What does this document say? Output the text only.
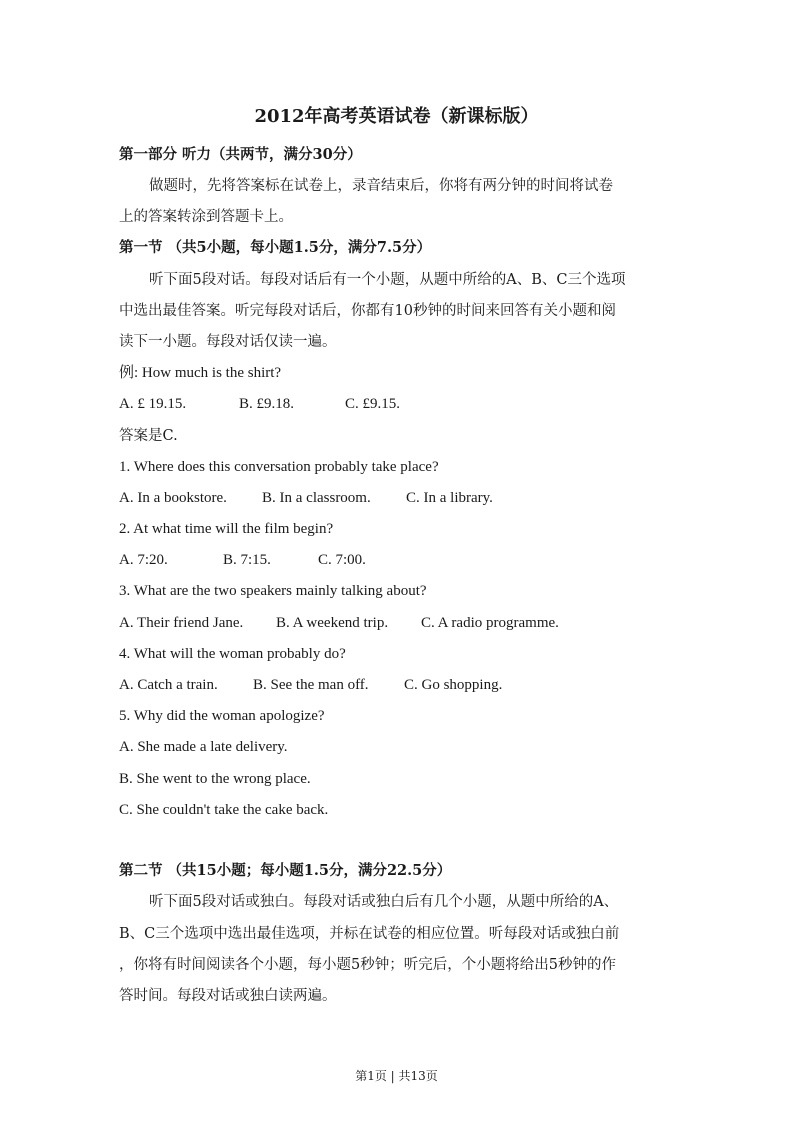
2012年高考英语试卷（新课标版）
第一部分 听力（共两节，满分30分）
做题时，先将答案标在试卷上，录音结束后，你将有两分钟的时间将试卷
上的答案转涂到答题卡上。
第一节 （共5小题，每小题1.5分，满分7.5分）
听下面5段对话。每段对话后有一个小题，从题中所给的A、B、C三个选项
中选出最佳答案。听完每段对话后，你都有10秒钟的时间来回答有关小题和阅
读下一小题。每段对话仅读一遍。
例: How much is the shirt?
A. £ 19.15.	B. £9.18.	C. £9.15.
答案是C.
1. Where does this conversation probably take place?
A. In a bookstore. B. In a classroom. C. In a library.
2. At what time will the film begin?
A. 7:20.	B. 7:15.	C. 7:00.
3. What are the two speakers mainly talking about?
A. Their friend Jane. B. A weekend trip. C. A radio programme.
4. What will the woman probably do?
A. Catch a train. B. See the man off. C. Go shopping.
5. Why did the woman apologize?
A. She made a late delivery.
B. She went to the wrong place.
C. She couldn't take the cake back.
第二节 （共15小题；每小题1.5分，满分22.5分）
听下面5段对话或独白。每段对话或独白后有几个小题，从题中所给的A、
B、C三个选项中选出最佳选项，并标在试卷的相应位置。听每段对话或独白前
，你将有时间阅读各个小题，每小题5秒钟；听完后，个小题将给出5秒钟的作
答时间。每段对话或独白读两遍。
第1页 | 共13页
